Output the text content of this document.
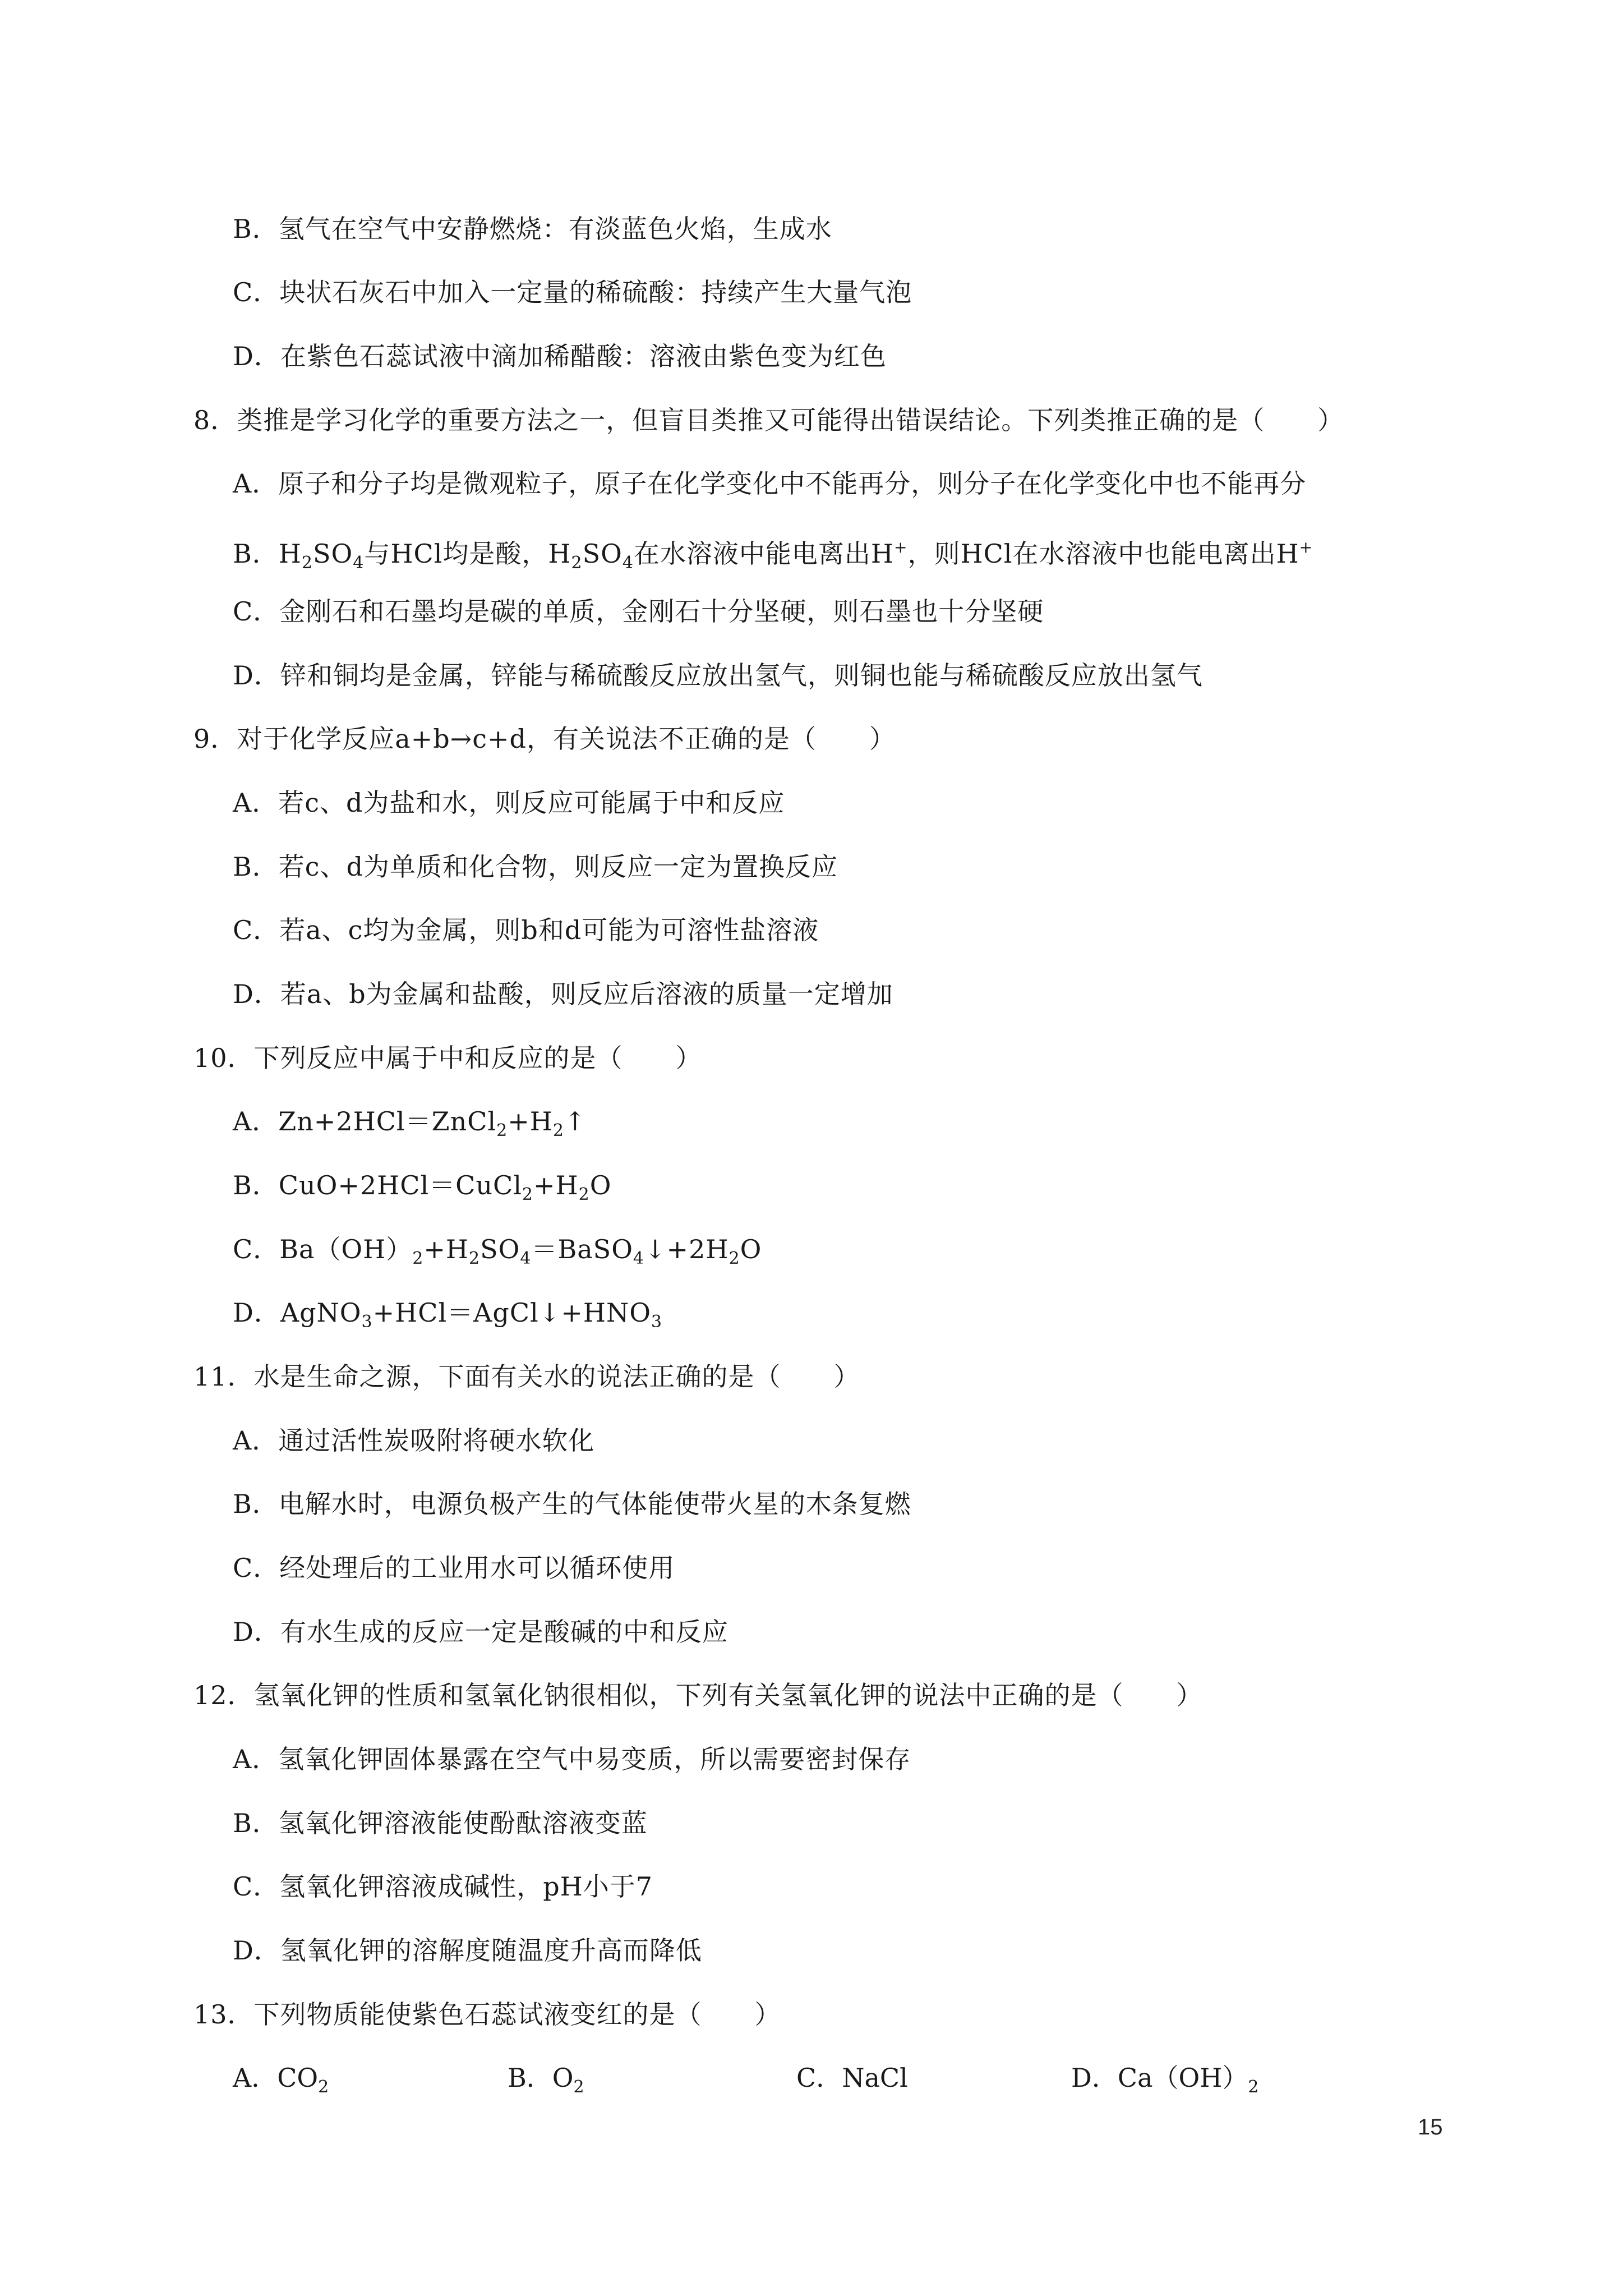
B．氢气在空气中安静燃烧：有淡蓝色火焰，生成水
C．块状石灰石中加入一定量的稀硫酸：持续产生大量气泡
D．在紫色石蕊试液中滴加稀醋酸：溶液由紫色变为红色
8．类推是学习化学的重要方法之一，但盲目类推又可能得出错误结论。下列类推正确的是（　　）
A．原子和分子均是微观粒子，原子在化学变化中不能再分，则分子在化学变化中也不能再分
B．$H_2SO_4$与HCl均是酸，$H_2SO_4$在水溶液中能电离出H+，则HCl在水溶液中也能电离出H+
C．金刚石和石墨均是碳的单质，金刚石十分坚硬，则石墨也十分坚硬
D．锌和铜均是金属，锌能与稀硫酸反应放出氢气，则铜也能与稀硫酸反应放出氢气
9．对于化学反应a+b→c+d，有关说法不正确的是（　　）
A．若c、d为盐和水，则反应可能属于中和反应
B．若c、d为单质和化合物，则反应一定为置换反应
C．若a、c均为金属，则b和d可能为可溶性盐溶液
D．若a、b为金属和盐酸，则反应后溶液的质量一定增加
10．下列反应中属于中和反应的是（　　）
A．$Zn+2HCl=ZnCl_2+H_2↑$
B．$CuO+2HCl=CuCl_2+H_2O$
C．$Ba(OH)_2+H_2SO_4=BaSO_4↓+2H_2O$
D．$AgNO_3+HCl=AgCl↓+HNO_3$
11．水是生命之源，下面有关水的说法正确的是（　　）
A．通过活性炭吸附将硬水软化
B．电解水时，电源负极产生的气体能使带火星的木条复燃
C．经处理后的工业用水可以循环使用
D．有水生成的反应一定是酸碱的中和反应
12．氢氧化钾的性质和氢氧化钠很相似，下列有关氢氧化钾的说法中正确的是（　　）
A．氢氧化钾固体暴露在空气中易变质，所以需要密封保存
B．氢氧化钾溶液能使酚酞溶液变蓝
C．氢氧化钾溶液成碱性，pH小于7
D．氢氧化钾的溶解度随温度升高而降低
13．下列物质能使紫色石蕊试液变红的是（　　）
A．$CO_2$	B．$O_2$	C．NaCl	D．$Ca(OH)_2$
15
